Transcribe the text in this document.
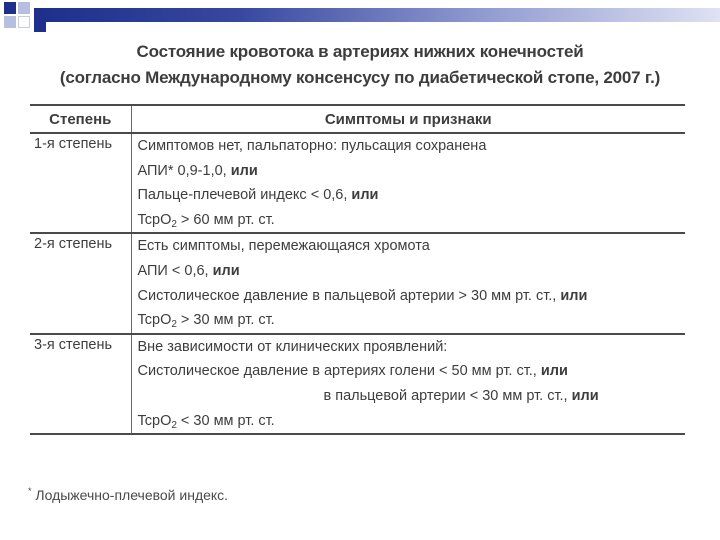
Состояние кровотока в артериях нижних конечностей
(согласно Международному консенсусу по диабетической стопе, 2007 г.)
Степень	Симптомы и признаки
1-я степень	Симптомов нет, пальпаторно: пульсация сохранена
АПИ* 0,9-1,0, или
Пальце-плечевой индекс < 0,6, или
TcpO$_2$ > 60 мм рт. ст.

2-я степень	Есть симптомы, перемежающаяся хромота
АПИ < 0,6, или
Систолическое давление в пальцевой артерии > 30 мм рт. ст., или
TcpO$_2$ > 30 мм рт. ст.

3-я степень	Вне зависимости от клинических проявлений:
Систолическое давление в артериях голени < 50 мм рт. ст., или
в пальцевой артерии < 30 мм рт. ст., или
TcpO$_2$ < 30 мм рт. ст.
* Лодыжечно-плечевой индекс.
